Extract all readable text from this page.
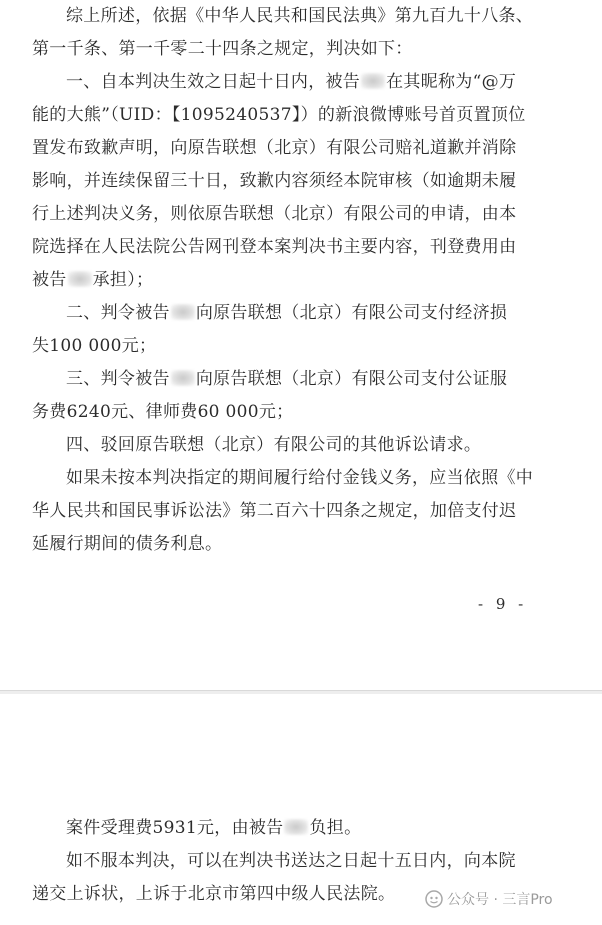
综上所述，依据《中华人民共和国民法典》第九百九十八条、
第一千条、第一千零二十四条之规定，判决如下：
一、自本判决生效之日起十日内，被告 在其昵称为“@万
能的大熊”（UID：【1095240537】）的新浪微博账号首页置顶位
置发布致歉声明，向原告联想（北京）有限公司赔礼道歉并消除
影响，并连续保留三十日，致歉内容须经本院审核（如逾期未履
行上述判决义务，则依原告联想（北京）有限公司的申请，由本
院选择在人民法院公告网刊登本案判决书主要内容，刊登费用由
被告 承担）；
二、判令被告 向原告联想（北京）有限公司支付经济损
失100 000元；
三、判令被告 向原告联想（北京）有限公司支付公证服
务费6240元、律师费60 000元；
四、驳回原告联想（北京）有限公司的其他诉讼请求。
如果未按本判决指定的期间履行给付金钱义务，应当依照《中
华人民共和国民事诉讼法》第二百六十四条之规定，加倍支付迟
延履行期间的债务利息。
- 9 -
案件受理费5931元，由被告 负担。
如不服本判决，可以在判决书送达之日起十五日内，向本院
递交上诉状，上诉于北京市第四中级人民法院。	公众号 · 三言Pro
